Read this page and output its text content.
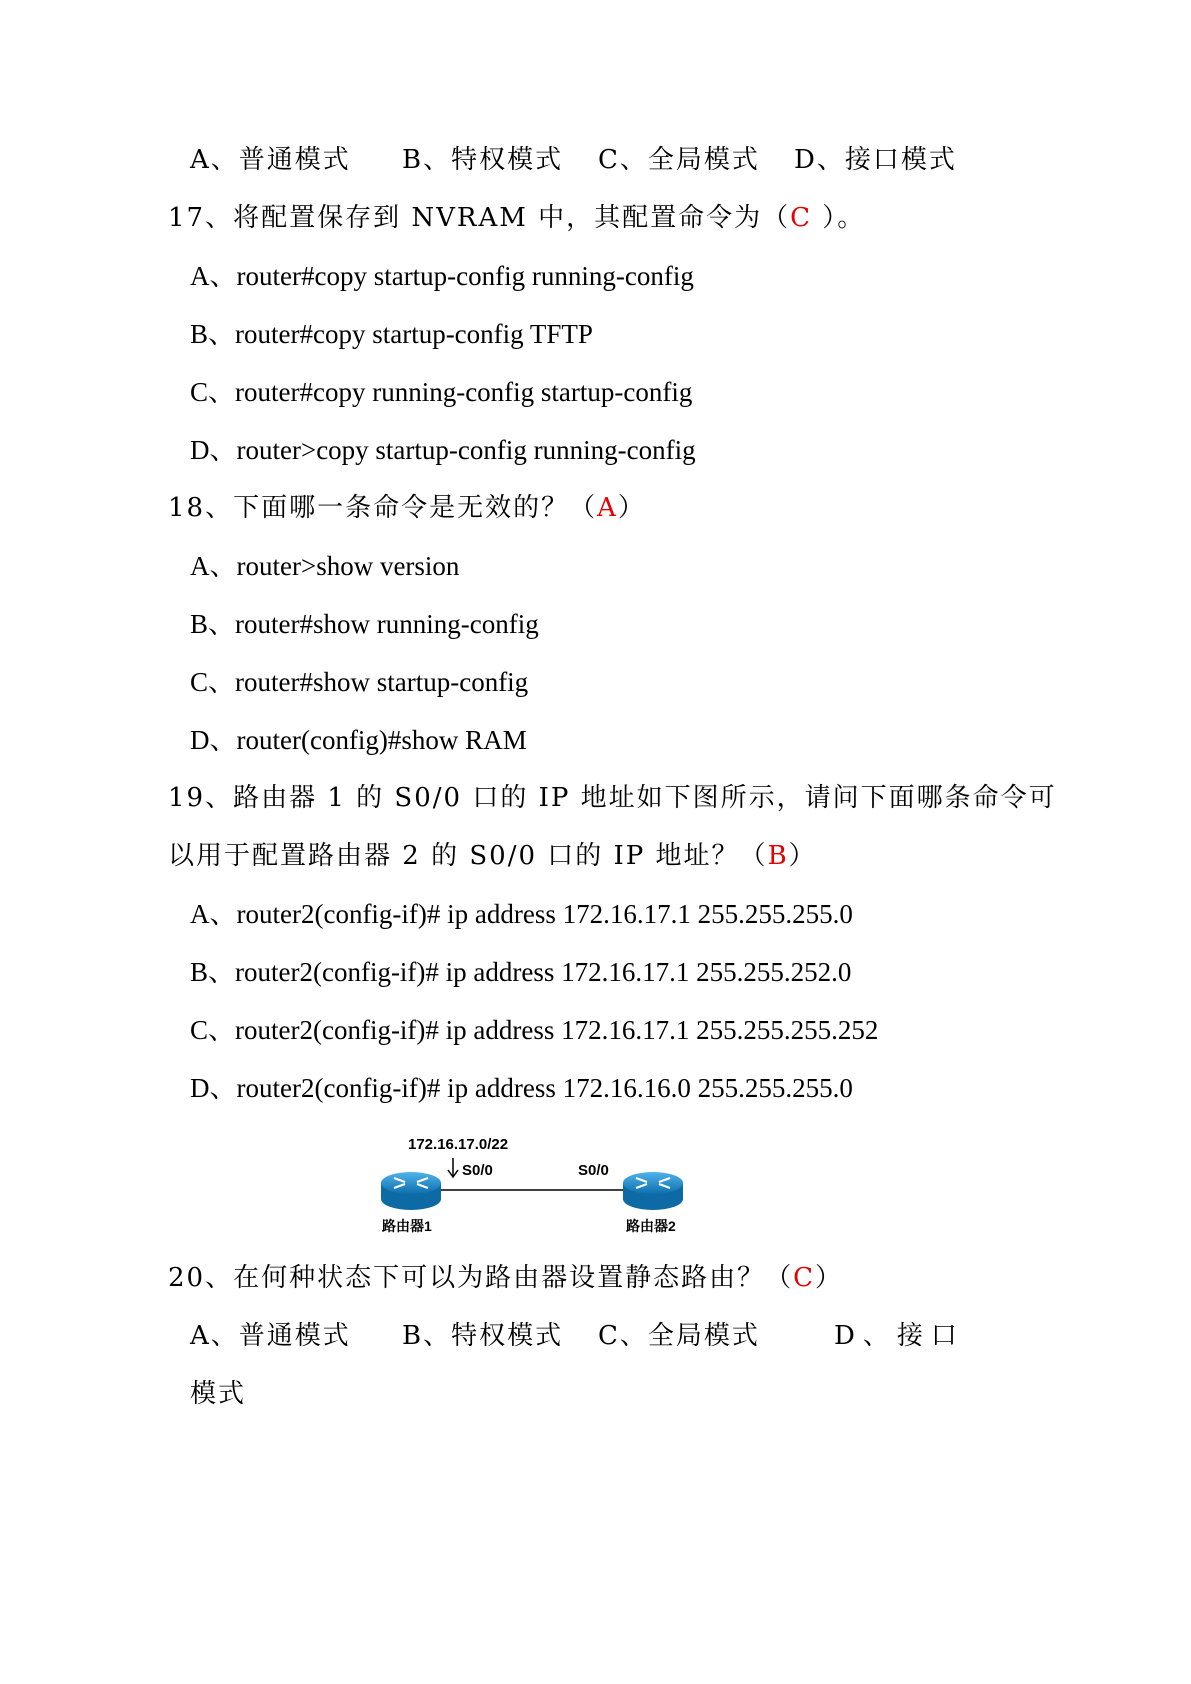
A、普通模式 B、特权模式 C、全局模式 D、接口模式
17、将配置保存到 NVRAM 中，其配置命令为（C ）。
A、router#copy startup-config running-config
B、router#copy startup-config TFTP
C、router#copy running-config startup-config
D、router>copy startup-config running-config
18、下面哪一条命令是无效的？（A）
A、router>show version
B、router#show running-config
C、router#show startup-config
D、router(config)#show RAM
19、路由器 1 的 S0/0 口的 IP 地址如下图所示，请问下面哪条命令可
以用于配置路由器 2 的 S0/0 口的 IP 地址？（B）
A、router2(config-if)# ip address 172.16.17.1 255.255.255.0
B、router2(config-if)# ip address 172.16.17.1 255.255.252.0
C、router2(config-if)# ip address 172.16.17.1 255.255.255.252
D、router2(config-if)# ip address 172.16.16.0 255.255.255.0
172.16.17.0/22
S0/0	S0/0
路由器1	路由器2
20、在何种状态下可以为路由器设置静态路由？（C）
A、普通模式 B、特权模式 C、全局模式	D、接口
模式
